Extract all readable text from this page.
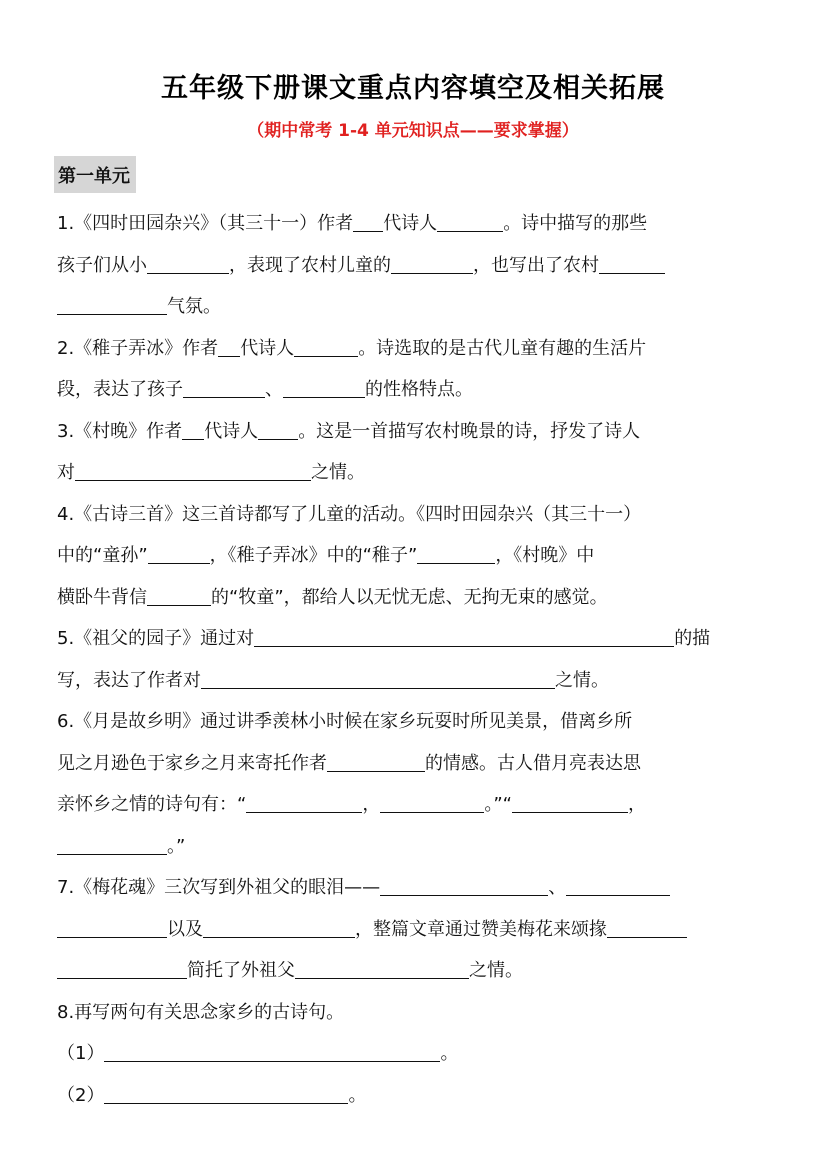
五年级下册课文重点内容填空及相关拓展
（期中常考 1-4 单元知识点——要求掌握）
第一单元
1.《四时田园杂兴》（其三十一）作者 代诗人	。诗中描写的那些
孩子们从小	，表现了农村儿童的	，也写出了农村
气氛。
2.《稚子弄冰》作者 代诗人	。诗选取的是古代儿童有趣的生活片
段，表达了孩子	、	的性格特点。
3.《村晚》作者 代诗人 。这是一首描写农村晚景的诗，抒发了诗人
对	之情。
4.《古诗三首》这三首诗都写了儿童的活动。《四时田园杂兴（其三十一）
中的“童孙”	，《稚子弄冰》中的“稚子”	，《村晚》中
横卧牛背信	的“牧童”，都给人以无忧无虑、无拘无束的感觉。
5.《祖父的园子》通过对	的描
写，表达了作者对	之情。
6.《月是故乡明》通过讲季羡林小时候在家乡玩耍时所见美景，借离乡所
见之月逊色于家乡之月来寄托作者	的情感。古人借月亮表达思
亲怀乡之情的诗句有：“	，	。”“	，
。”
7.《梅花魂》三次写到外祖父的眼泪——	、
以及	，整篇文章通过赞美梅花来颂掾
简托了外祖父	之情。
8.再写两句有关思念家乡的古诗句。
（1）	。
（2）	。
